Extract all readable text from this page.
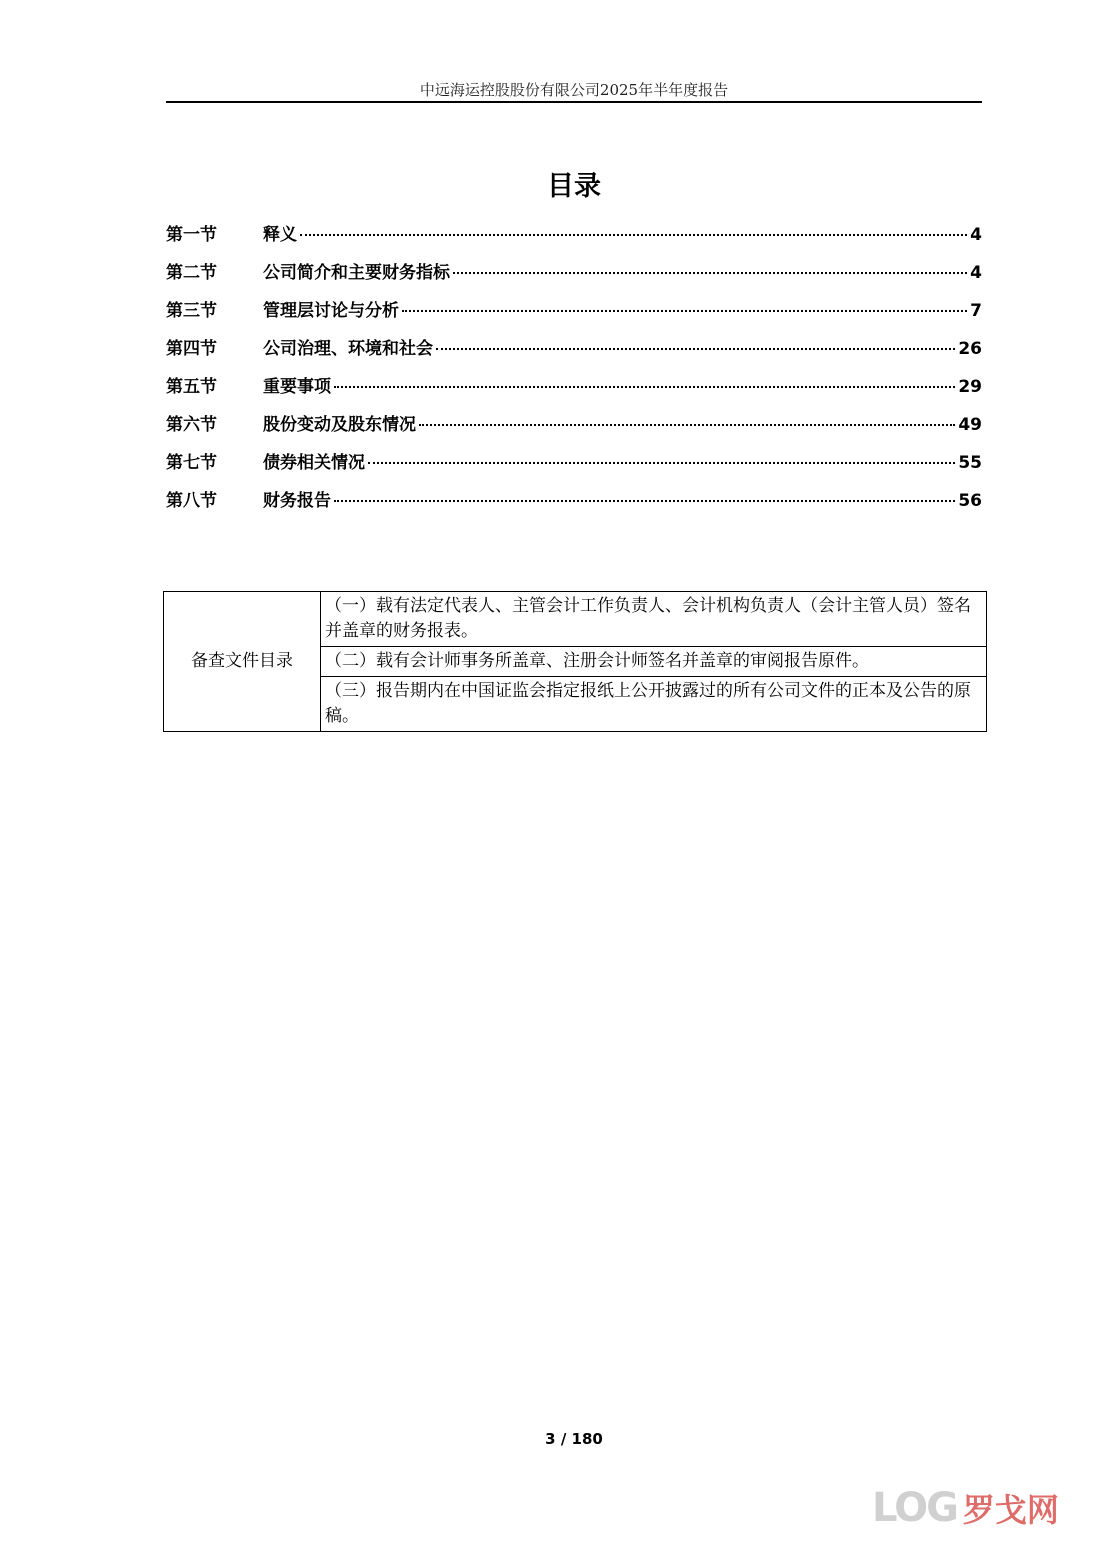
中远海运控股股份有限公司2025年半年度报告
目录
第一节	释义	4
第二节	公司简介和主要财务指标	4
第三节	管理层讨论与分析	7
第四节	公司治理、环境和社会	26
第五节	重要事项	29
第六节	股份变动及股东情况	49
第七节	债券相关情况	55
第八节	财务报告	56
备查文件目录	（一）载有法定代表人、主管会计工作负责人、会计机构负责人（会计主管人员）签名并盖章的财务报表。
（二）载有会计师事务所盖章、注册会计师签名并盖章的审阅报告原件。
（三）报告期内在中国证监会指定报纸上公开披露过的所有公司文件的正本及公告的原稿。
3 / 180
LOG 罗戈网
